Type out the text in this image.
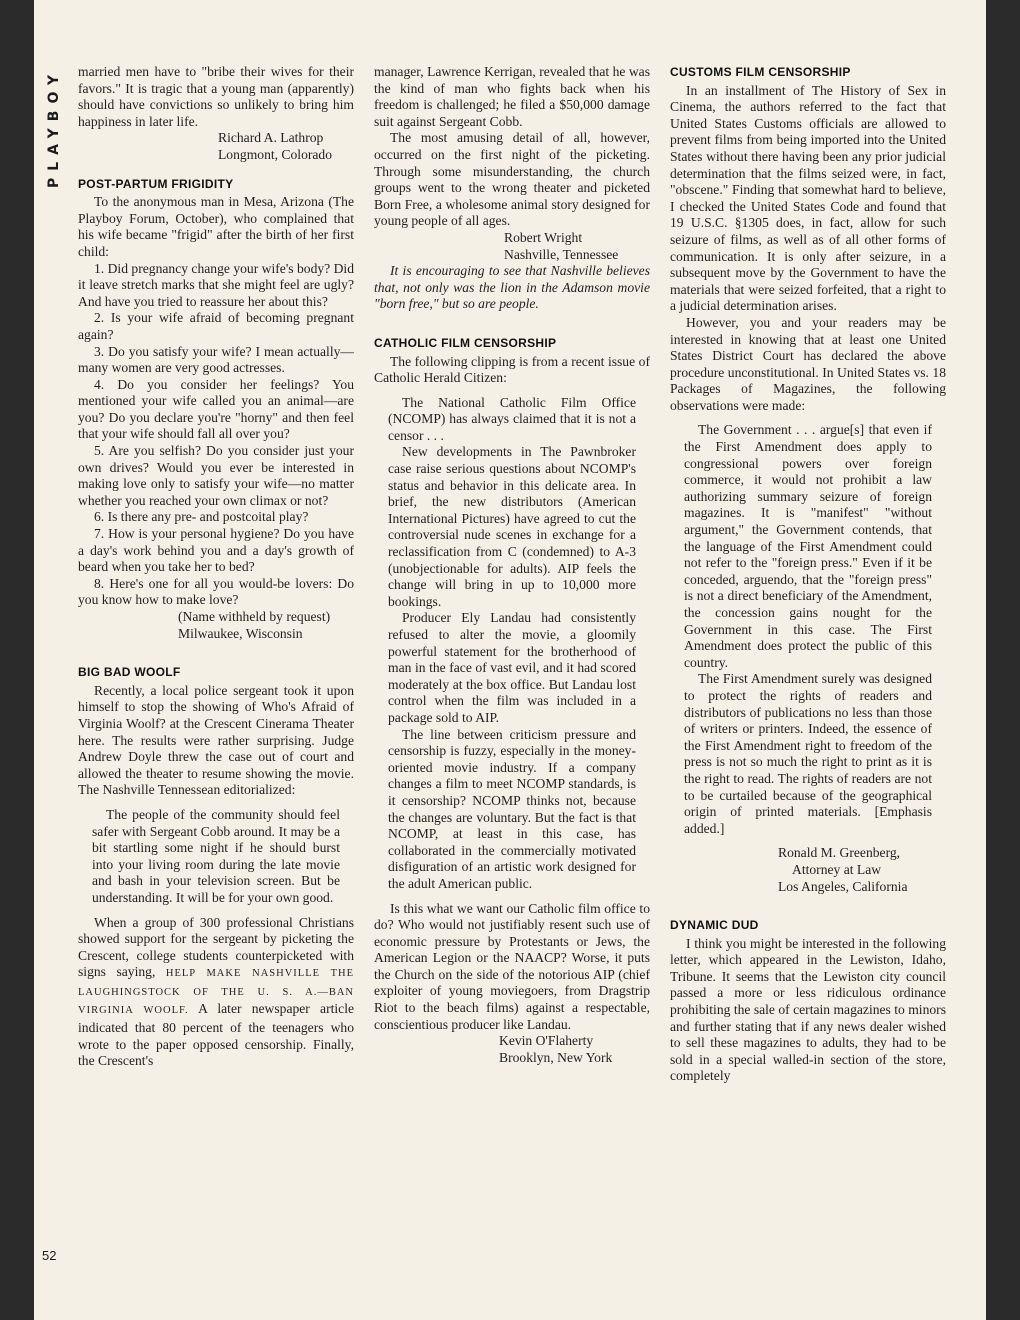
PLAYBOY
52

married men have to "bribe their wives for their favors." It is tragic that a young man (apparently) should have convictions so unlikely to bring him happiness in later life.

Richard A. Lathrop
Longmont, Colorado
POST-PARTUM FRIGIDITY

To the anonymous man in Mesa, Arizona (The Playboy Forum, October), who complained that his wife became "frigid" after the birth of her first child:

1. Did pregnancy change your wife's body? Did it leave stretch marks that she might feel are ugly? And have you tried to reassure her about this?

2. Is your wife afraid of becoming pregnant again?

3. Do you satisfy your wife? I mean actually—many women are very good actresses.

4. Do you consider her feelings? You mentioned your wife called you an animal—are you? Do you declare you're "horny" and then feel that your wife should fall all over you?

5. Are you selfish? Do you consider just your own drives? Would you ever be interested in making love only to satisfy your wife—no matter whether you reached your own climax or not?

6. Is there any pre- and postcoital play?

7. How is your personal hygiene? Do you have a day's work behind you and a day's growth of beard when you take her to bed?

8. Here's one for all you would-be lovers: Do you know how to make love?

(Name withheld by request)
Milwaukee, Wisconsin
BIG BAD WOOLF

Recently, a local police sergeant took it upon himself to stop the showing of Who's Afraid of Virginia Woolf? at the Crescent Cinerama Theater here. The results were rather surprising. Judge Andrew Doyle threw the case out of court and allowed the theater to resume showing the movie. The Nashville Tennessean editorialized:

The people of the community should feel safer with Sergeant Cobb around. It may be a bit startling some night if he should burst into your living room during the late movie and bash in your television screen. But be understanding. It will be for your own good.

When a group of 300 professional Christians showed support for the sergeant by picketing the Crescent, college students counterpicketed with signs saying, HELP MAKE NASHVILLE THE LAUGHINGSTOCK OF THE U. S. A.—BAN VIRGINIA WOOLF. A later newspaper article indicated that 80 percent of the teenagers who wrote to the paper opposed censorship. Finally, the Crescent's

manager, Lawrence Kerrigan, revealed that he was the kind of man who fights back when his freedom is challenged; he filed a $50,000 damage suit against Sergeant Cobb.

The most amusing detail of all, however, occurred on the first night of the picketing. Through some misunderstanding, the church groups went to the wrong theater and picketed Born Free, a wholesome animal story designed for young people of all ages.

Robert Wright
Nashville, Tennessee

It is encouraging to see that Nashville believes that, not only was the lion in the Adamson movie "born free," but so are people.

CATHOLIC FILM CENSORSHIP

The following clipping is from a recent issue of Catholic Herald Citizen:

The National Catholic Film Office (NCOMP) has always claimed that it is not a censor . . .

New developments in The Pawnbroker case raise serious questions about NCOMP's status and behavior in this delicate area. In brief, the new distributors (American International Pictures) have agreed to cut the controversial nude scenes in exchange for a reclassification from C (condemned) to A-3 (unobjectionable for adults). AIP feels the change will bring in up to 10,000 more bookings.

Producer Ely Landau had consistently refused to alter the movie, a gloomily powerful statement for the brotherhood of man in the face of vast evil, and it had scored moderately at the box office. But Landau lost control when the film was included in a package sold to AIP.

The line between criticism pressure and censorship is fuzzy, especially in the money-oriented movie industry. If a company changes a film to meet NCOMP standards, is it censorship? NCOMP thinks not, because the changes are voluntary. But the fact is that NCOMP, at least in this case, has collaborated in the commercially motivated disfiguration of an artistic work designed for the adult American public.

Is this what we want our Catholic film office to do? Who would not justifiably resent such use of economic pressure by Protestants or Jews, the American Legion or the NAACP? Worse, it puts the Church on the side of the notorious AIP (chief exploiter of young moviegoers, from Dragstrip Riot to the beach films) against a respectable, conscientious producer like Landau.

Kevin O'Flaherty
Brooklyn, New York
CUSTOMS FILM CENSORSHIP

In an installment of The History of Sex in Cinema, the authors referred to the fact that United States Customs officials are allowed to prevent films from being imported into the United States without there having been any prior judicial determination that the films seized were, in fact, "obscene." Finding that somewhat hard to believe, I checked the United States Code and found that 19 U.S.C. §1305 does, in fact, allow for such seizure of films, as well as of all other forms of communication. It is only after seizure, in a subsequent move by the Government to have the materials that were seized forfeited, that a right to a judicial determination arises.

However, you and your readers may be interested in knowing that at least one United States District Court has declared the above procedure unconstitutional. In United States vs. 18 Packages of Magazines, the following observations were made:

The Government . . . argue[s] that even if the First Amendment does apply to congressional powers over foreign commerce, it would not prohibit a law authorizing summary seizure of foreign magazines. It is "manifest" "without argument," the Government contends, that the language of the First Amendment could not refer to the "foreign press." Even if it be conceded, arguendo, that the "foreign press" is not a direct beneficiary of the Amendment, the concession gains nought for the Government in this case. The First Amendment does protect the public of this country.

The First Amendment surely was designed to protect the rights of readers and distributors of publications no less than those of writers or printers. Indeed, the essence of the First Amendment right to freedom of the press is not so much the right to print as it is the right to read. The rights of readers are not to be curtailed because of the geographical origin of printed materials. [Emphasis added.]

Ronald M. Greenberg,
Attorney at Law
Los Angeles, California
DYNAMIC DUD

I think you might be interested in the following letter, which appeared in the Lewiston, Idaho, Tribune. It seems that the Lewiston city council passed a more or less ridiculous ordinance prohibiting the sale of certain magazines to minors and further stating that if any news dealer wished to sell these magazines to adults, they had to be sold in a special walled-in section of the store, completely
